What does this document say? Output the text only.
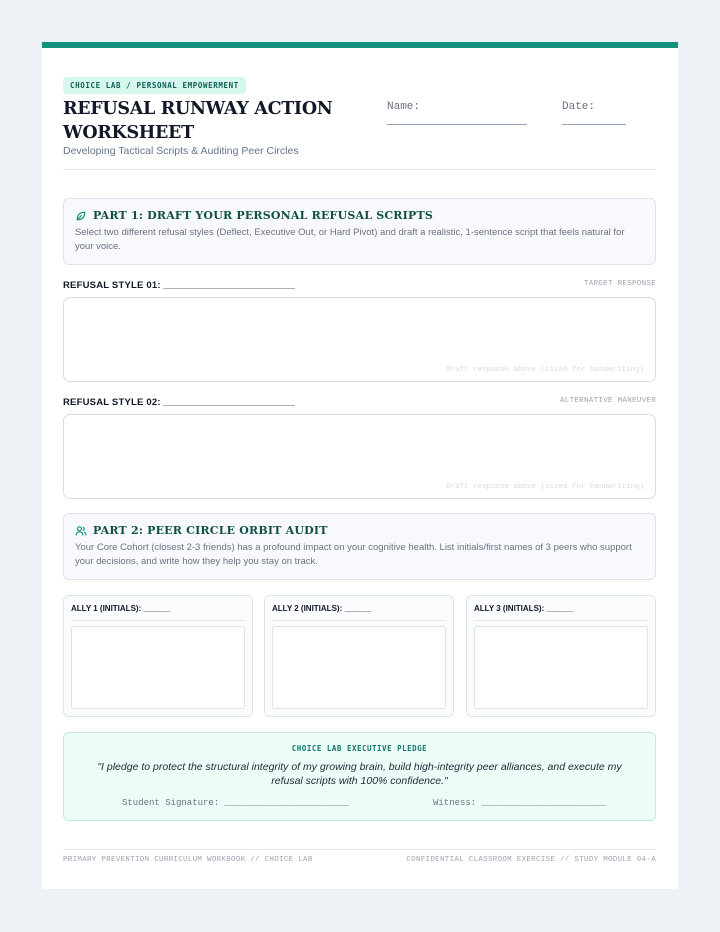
CHOICE LAB / PERSONAL EMPOWERMENT
REFUSAL RUNWAY ACTION
WORKSHEET
Developing Tactical Scripts & Auditing Peer Circles
Name:	Date:
PART 1: DRAFT YOUR PERSONAL REFUSAL SCRIPTS
Select two different refusal styles (Deflect, Executive Out, or Hard Pivot) and draft a realistic, 1-sentence script that feels natural for your voice.
REFUSAL STYLE 01: ________________________	TARGET RESPONSE
Draft response above (sized for handwriting)
REFUSAL STYLE 02: ________________________	ALTERNATIVE MANEUVER
Draft response above (sized for handwriting)
PART 2: PEER CIRCLE ORBIT AUDIT
Your Core Cohort (closest 2-3 friends) has a profound impact on your cognitive health. List initials/first names of 3 peers who support your decisions, and write how they help you stay on track.
ALLY 1 (INITIALS): ______	ALLY 2 (INITIALS): ______	ALLY 3 (INITIALS): ______
CHOICE LAB EXECUTIVE PLEDGE
"I pledge to protect the structural integrity of my growing brain, build high-integrity peer alliances, and execute my refusal scripts with 100% confidence."
Student Signature: _______________________	Witness: _______________________
PRIMARY PREVENTION CURRICULUM WORKBOOK // CHOICE LAB	CONFIDENTIAL CLASSROOM EXERCISE // STUDY MODULE 04-A
